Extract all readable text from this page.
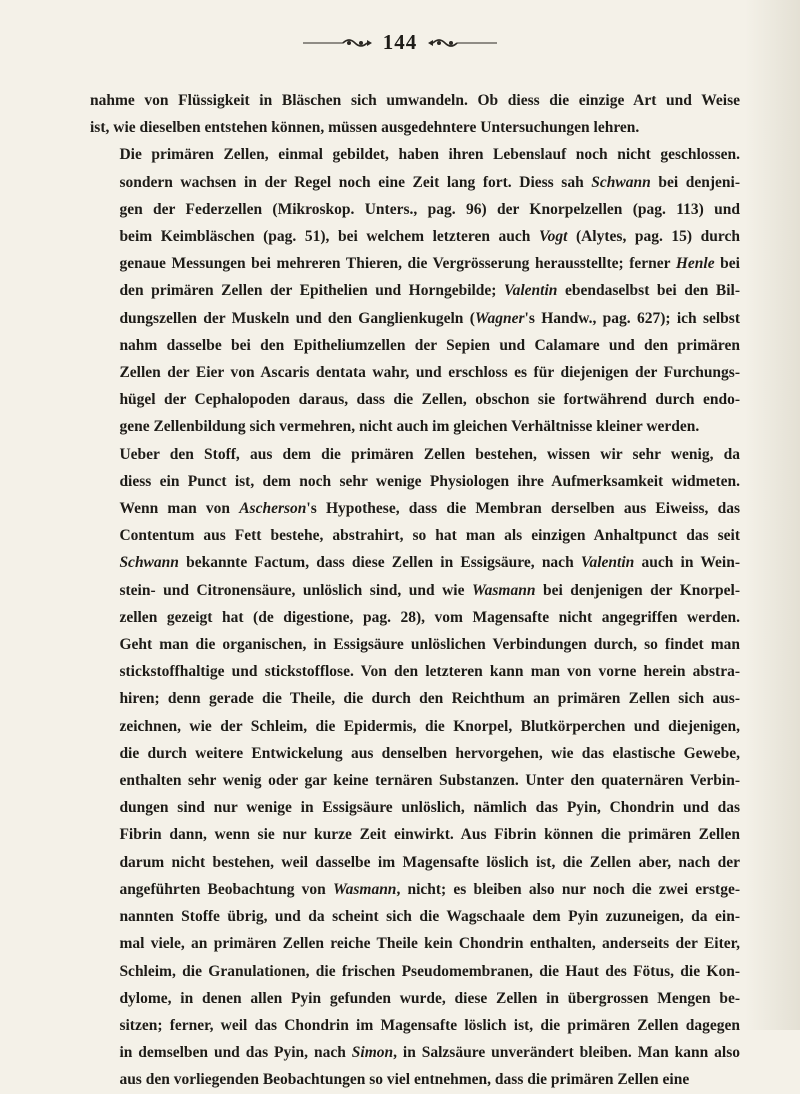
144

nahme von Flüssigkeit in Bläschen sich umwandeln. Ob diess die einzige Art und Weise
ist, wie dieselben entstehen können, müssen ausgedehntere Untersuchungen lehren.

Die primären Zellen, einmal gebildet, haben ihren Lebenslauf noch nicht geschlossen.
sondern wachsen in der Regel noch eine Zeit lang fort. Diess sah Schwann bei denjeni-
gen der Federzellen (Mikroskop. Unters., pag. 96) der Knorpelzellen (pag. 113) und
beim Keimbläschen (pag. 51), bei welchem letzteren auch Vogt (Alytes, pag. 15) durch
genaue Messungen bei mehreren Thieren, die Vergrösserung herausstellte; ferner Henle bei
den primären Zellen der Epithelien und Horngebilde; Valentin ebendaselbst bei den Bil-
dungszellen der Muskeln und den Ganglienkugeln (Wagner's Handw., pag. 627); ich selbst
nahm dasselbe bei den Epitheliumzellen der Sepien und Calamare und den primären
Zellen der Eier von Ascaris dentata wahr, und erschloss es für diejenigen der Furchungs-
hügel der Cephalopoden daraus, dass die Zellen, obschon sie fortwährend durch endo-
gene Zellenbildung sich vermehren, nicht auch im gleichen Verhältnisse kleiner werden.

Ueber den Stoff, aus dem die primären Zellen bestehen, wissen wir sehr wenig, da
diess ein Punct ist, dem noch sehr wenige Physiologen ihre Aufmerksamkeit widmeten.
Wenn man von Ascherson's Hypothese, dass die Membran derselben aus Eiweiss, das
Contentum aus Fett bestehe, abstrahirt, so hat man als einzigen Anhaltpunct das seit
Schwann bekannte Factum, dass diese Zellen in Essigsäure, nach Valentin auch in Wein-
stein- und Citronensäure, unlöslich sind, und wie Wasmann bei denjenigen der Knorpel-
zellen gezeigt hat (de digestione, pag. 28), vom Magensafte nicht angegriffen werden.
Geht man die organischen, in Essigsäure unlöslichen Verbindungen durch, so findet man
stickstoffhaltige und stickstofflose. Von den letzteren kann man von vorne herein abstra-
hiren; denn gerade die Theile, die durch den Reichthum an primären Zellen sich aus-
zeichnen, wie der Schleim, die Epidermis, die Knorpel, Blutkörperchen und diejenigen,
die durch weitere Entwickelung aus denselben hervorgehen, wie das elastische Gewebe,
enthalten sehr wenig oder gar keine ternären Substanzen. Unter den quaternären Verbin-
dungen sind nur wenige in Essigsäure unlöslich, nämlich das Pyin, Chondrin und das
Fibrin dann, wenn sie nur kurze Zeit einwirkt. Aus Fibrin können die primären Zellen
darum nicht bestehen, weil dasselbe im Magensafte löslich ist, die Zellen aber, nach der
angeführten Beobachtung von Wasmann, nicht; es bleiben also nur noch die zwei erstge-
nannten Stoffe übrig, und da scheint sich die Wagschaale dem Pyin zuzuneigen, da ein-
mal viele, an primären Zellen reiche Theile kein Chondrin enthalten, anderseits der Eiter,
Schleim, die Granulationen, die frischen Pseudomembranen, die Haut des Fötus, die Kon-
dylome, in denen allen Pyin gefunden wurde, diese Zellen in übergrossen Mengen be-
sitzen; ferner, weil das Chondrin im Magensafte löslich ist, die primären Zellen dagegen
in demselben und das Pyin, nach Simon, in Salzsäure unverändert bleiben. Man kann also
aus den vorliegenden Beobachtungen so viel entnehmen, dass die primären Zellen eine
